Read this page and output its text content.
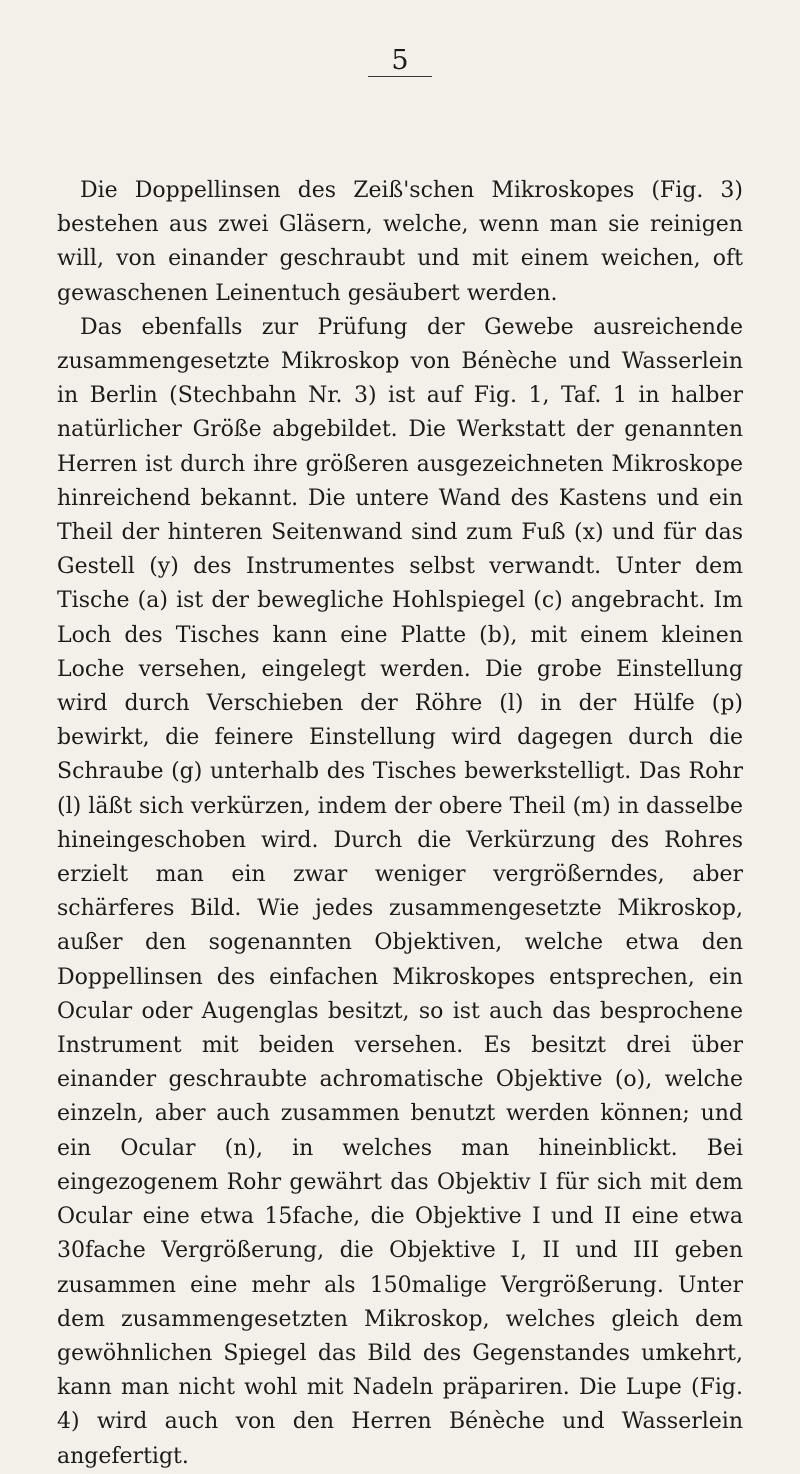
5

Die Doppellinsen des Zeiß'schen Mikroskopes (Fig. 3) bestehen aus zwei Gläsern, welche, wenn man sie reinigen will, von einander geschraubt und mit einem weichen, oft gewaschenen Leinentuch gesäubert werden.

Das ebenfalls zur Prüfung der Gewebe ausreichende zusammengesetzte Mikroskop von Bénèche und Wasserlein in Berlin (Stechbahn Nr. 3) ist auf Fig. 1, Taf. 1 in halber natürlicher Größe abgebildet. Die Werkstatt der genannten Herren ist durch ihre größeren ausgezeichneten Mikroskope hinreichend bekannt. Die untere Wand des Kastens und ein Theil der hinteren Seitenwand sind zum Fuß (x) und für das Gestell (y) des Instrumentes selbst verwandt. Unter dem Tische (a) ist der bewegliche Hohlspiegel (c) angebracht. Im Loch des Tisches kann eine Platte (b), mit einem kleinen Loche versehen, eingelegt werden. Die grobe Einstellung wird durch Verschieben der Röhre (l) in der Hülfe (p) bewirkt, die feinere Einstellung wird dagegen durch die Schraube (g) unterhalb des Tisches bewerkstelligt. Das Rohr (l) läßt sich verkürzen, indem der obere Theil (m) in dasselbe hineingeschoben wird. Durch die Verkürzung des Rohres erzielt man ein zwar weniger vergrößerndes, aber schärferes Bild. Wie jedes zusammengesetzte Mikroskop, außer den sogenannten Objektiven, welche etwa den Doppellinsen des einfachen Mikroskopes entsprechen, ein Ocular oder Augenglas besitzt, so ist auch das besprochene Instrument mit beiden versehen. Es besitzt drei über einander geschraubte achromatische Objektive (o), welche einzeln, aber auch zusammen benutzt werden können; und ein Ocular (n), in welches man hineinblickt. Bei eingezogenem Rohr gewährt das Objektiv I für sich mit dem Ocular eine etwa 15fache, die Objektive I und II eine etwa 30fache Vergrößerung, die Objektive I, II und III geben zusammen eine mehr als 150malige Vergrößerung. Unter dem zusammengesetzten Mikroskop, welches gleich dem gewöhnlichen Spiegel das Bild des Gegenstandes umkehrt, kann man nicht wohl mit Nadeln präpariren. Die Lupe (Fig. 4) wird auch von den Herren Bénèche und Wasserlein angefertigt.
